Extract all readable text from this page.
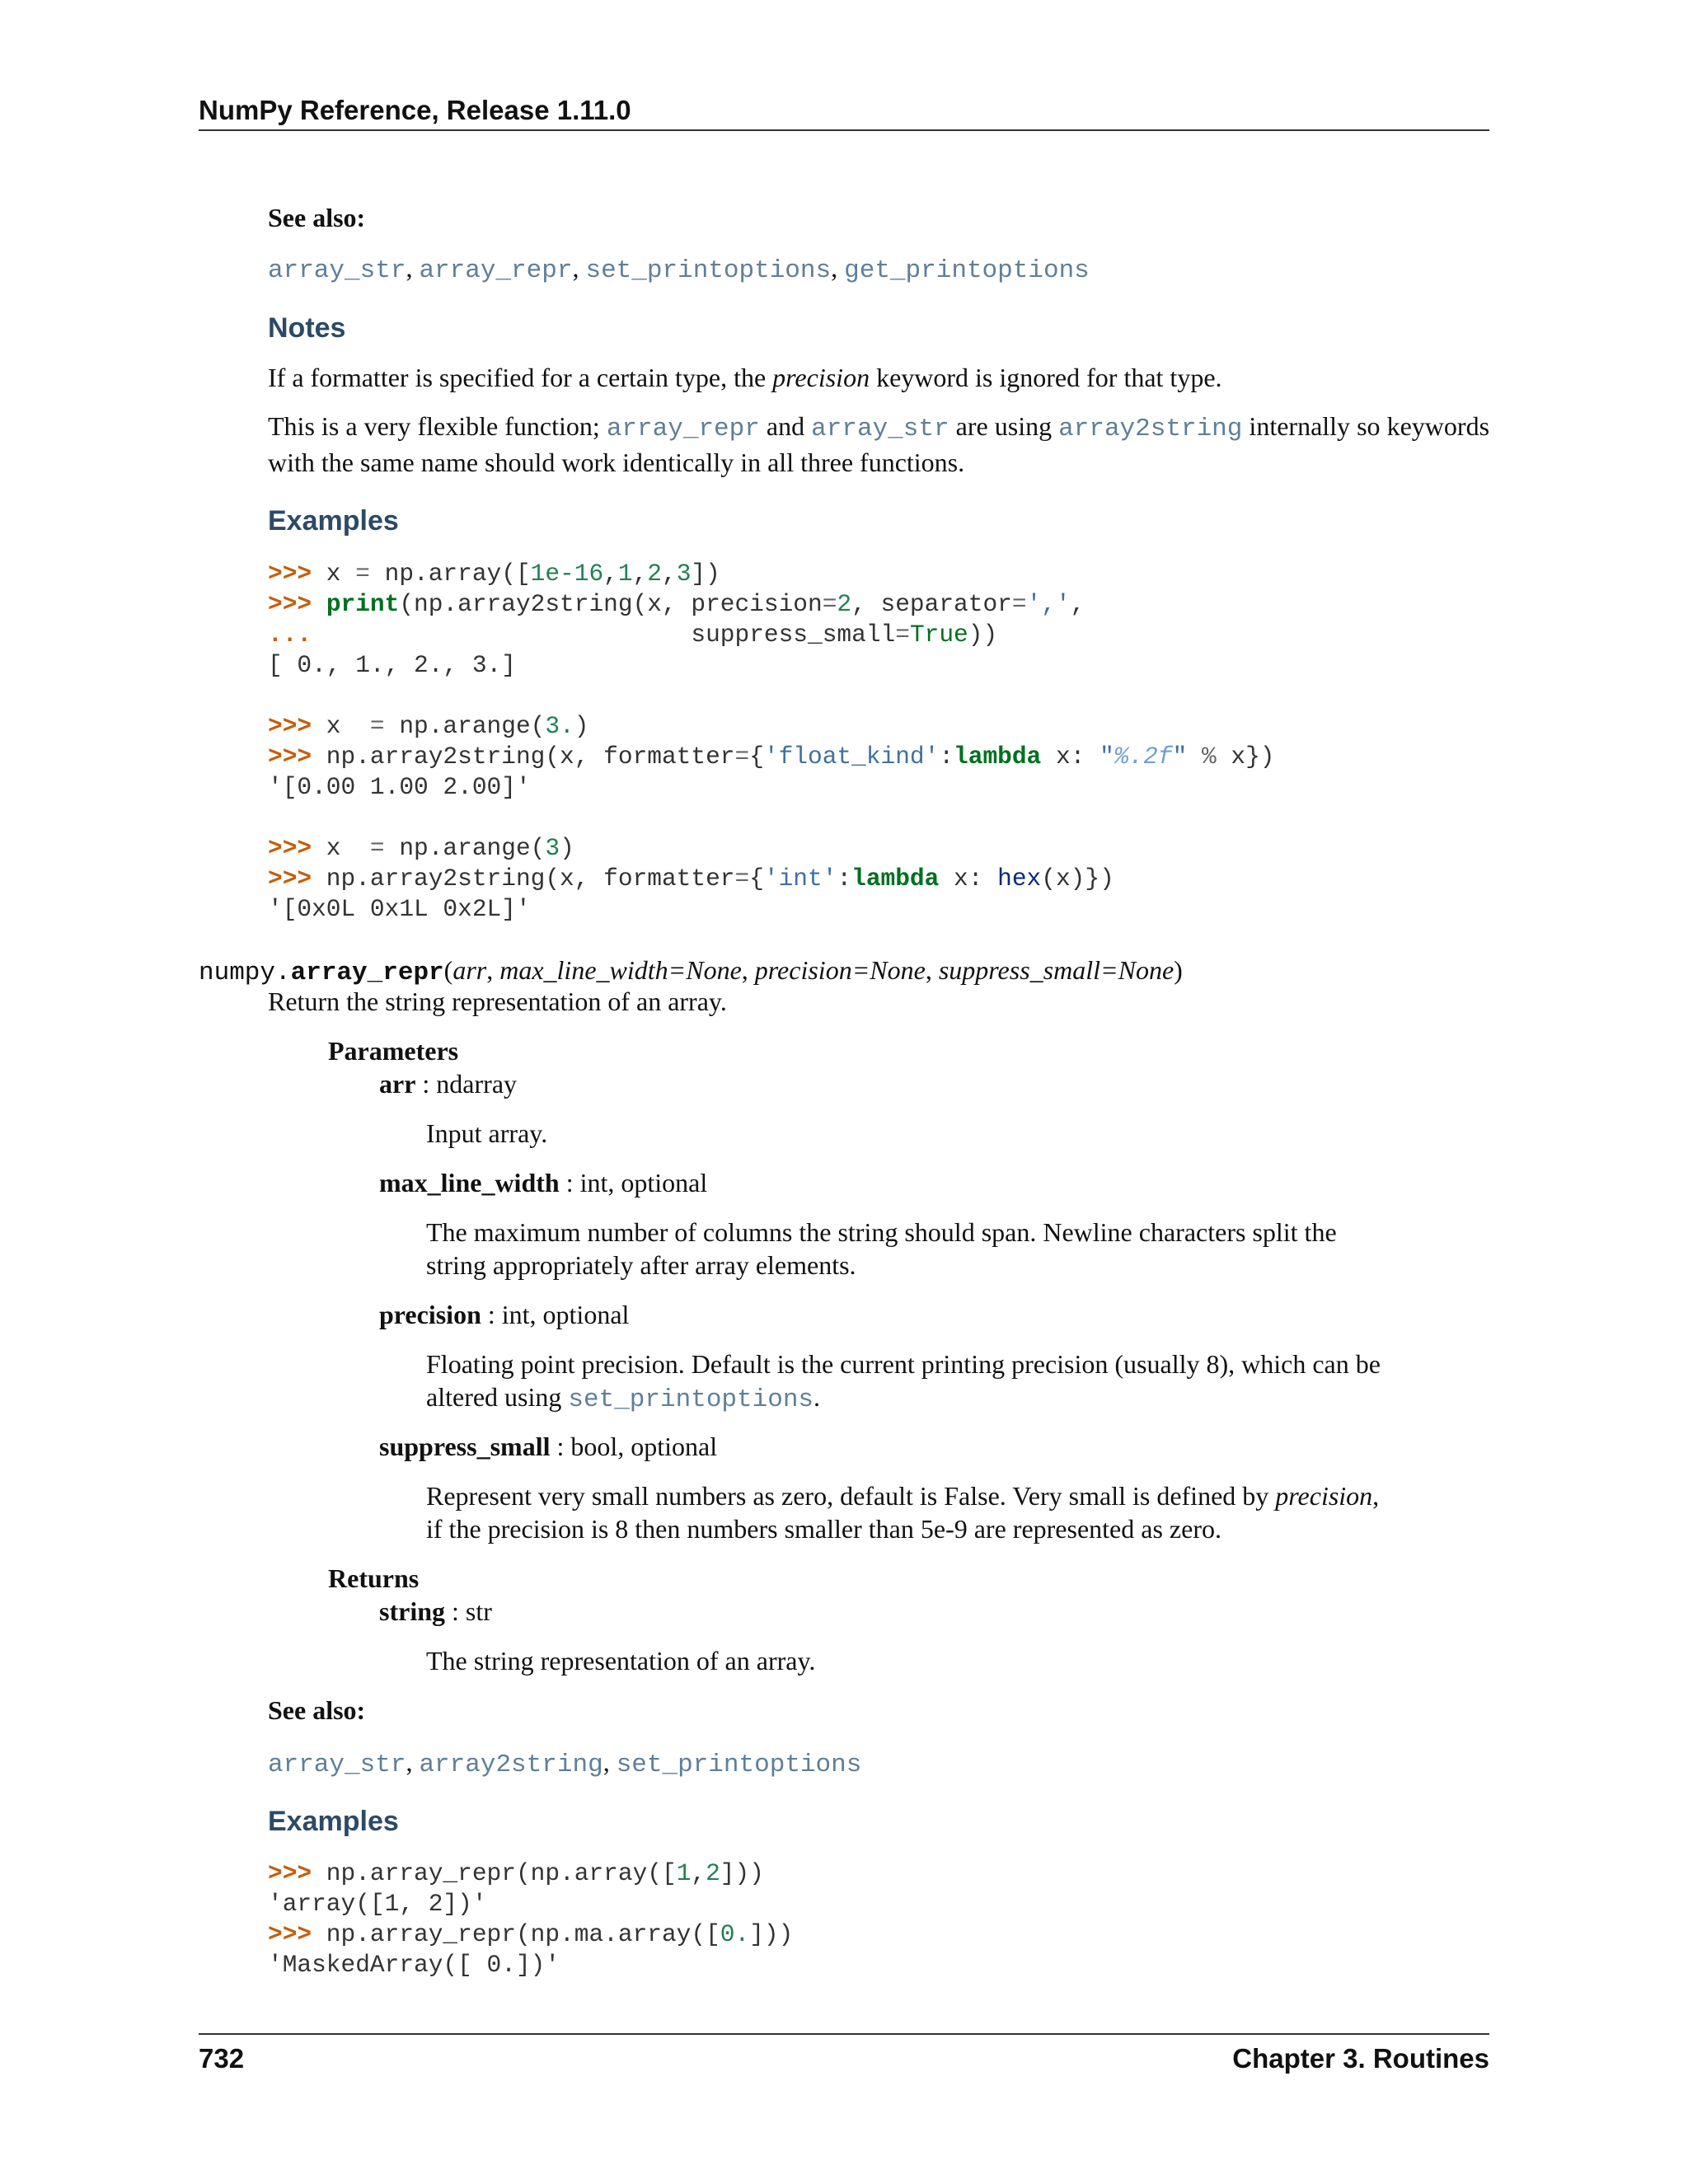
NumPy Reference, Release 1.11.0
See also:
array_str, array_repr, set_printoptions, get_printoptions
Notes
If a formatter is specified for a certain type, the precision keyword is ignored for that type.
This is a very flexible function; array_repr and array_str are using array2string internally so keywords with the same name should work identically in all three functions.
Examples
>>> x = np.array([1e-16,1,2,3])
>>> print(np.array2string(x, precision=2, separator=',',
...                          suppress_small=True))
[ 0., 1., 2., 3.]
>>> x  = np.arange(3.)
>>> np.array2string(x, formatter={'float_kind':lambda x: "%.2f" % x})
'[0.00 1.00 2.00]'
>>> x  = np.arange(3)
>>> np.array2string(x, formatter={'int':lambda x: hex(x)})
'[0x0L 0x1L 0x2L]'
numpy.array_repr(arr, max_line_width=None, precision=None, suppress_small=None)
Return the string representation of an array.
Parameters
arr : ndarray
Input array.
max_line_width : int, optional
The maximum number of columns the string should span. Newline characters split the string appropriately after array elements.
precision : int, optional
Floating point precision. Default is the current printing precision (usually 8), which can be altered using set_printoptions.
suppress_small : bool, optional
Represent very small numbers as zero, default is False. Very small is defined by precision, if the precision is 8 then numbers smaller than 5e-9 are represented as zero.
Returns
string : str
The string representation of an array.
See also:
array_str, array2string, set_printoptions
Examples
>>> np.array_repr(np.array([1,2]))
'array([1, 2])'
>>> np.array_repr(np.ma.array([0.]))
'MaskedArray([ 0.])'
732	Chapter 3. Routines
